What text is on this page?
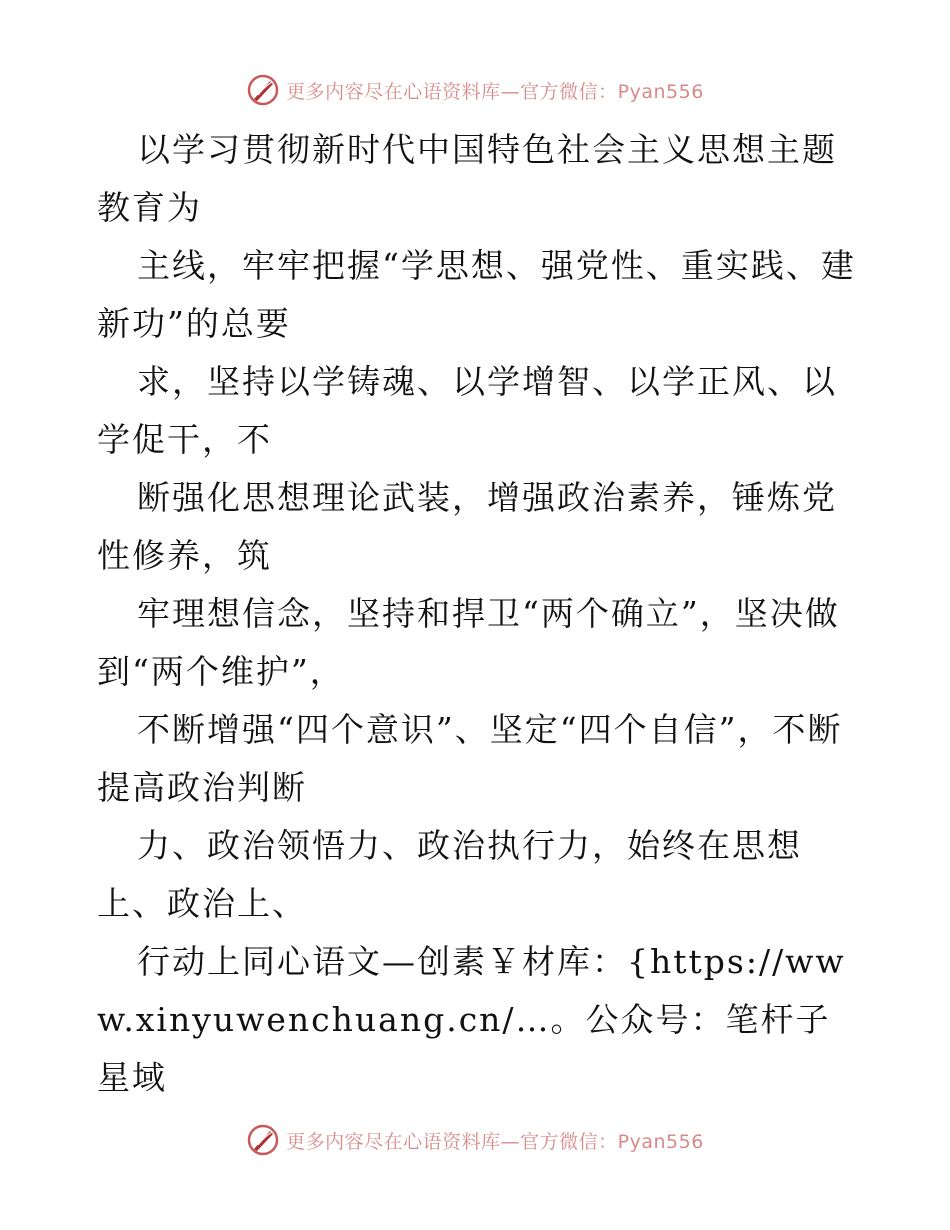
更多内容尽在心语资料库—官方微信：Pyan556

以学习贯彻新时代中国特色社会主义思想主题教育为

主线，牢牢把握“学思想、强党性、重实践、建新功”的总要

求，坚持以学铸魂、以学增智、以学正风、以学促干，不

断强化思想理论武装，增强政治素养，锤炼党性修养，筑

牢理想信念，坚持和捍卫“两个确立”，坚决做到“两个维护”，

不断增强“四个意识”、坚定“四个自信”，不断提高政治判断

力、政治领悟力、政治执行力，始终在思想上、政治上、

行动上同心语文—创素￥材库：{https://www.xinyuwenchuang.cn/…。公众号：笔杆子星域

更多内容尽在心语资料库—官方微信：Pyan556
